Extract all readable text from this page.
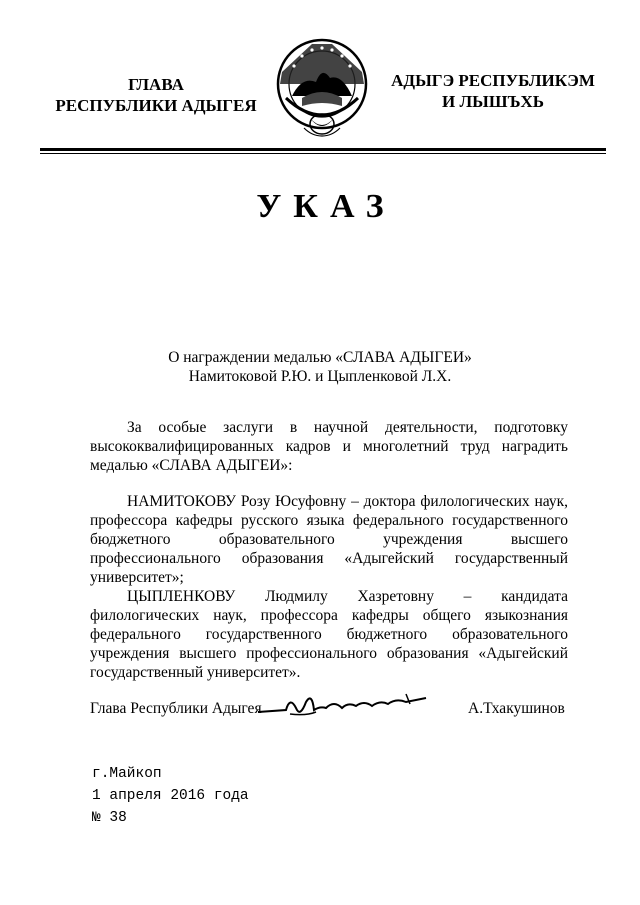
ГЛАВА
РЕСПУБЛИКИ АДЫГЕЯ
АДЫГЭ РЕСПУБЛИКЭМ
И ЛЫШЪХЬ
УКАЗ
О награждении медалью «СЛАВА АДЫГЕИ»
Намитоковой Р.Ю. и Цыпленковой Л.Х.

За особые заслуги в научной деятельности, подготовку высококвалифицированных кадров и многолетний труд наградить медалью «СЛАВА АДЫГЕИ»:

НАМИТОКОВУ Розу Юсуфовну – доктора филологических наук, профессора кафедры русского языка федерального государственного бюджетного образовательного учреждения высшего профессионального образования «Адыгейский государственный университет»;

ЦЫПЛЕНКОВУ Людмилу Хазретовну – кандидата филологических наук, профессора кафедры общего языкознания федерального государственного бюджетного образовательного учреждения высшего профессионального образования «Адыгейский государственный университет».

Глава Республики Адыгея	А.Тхакушинов
г.Майкоп
1 апреля 2016 года
№ 38
